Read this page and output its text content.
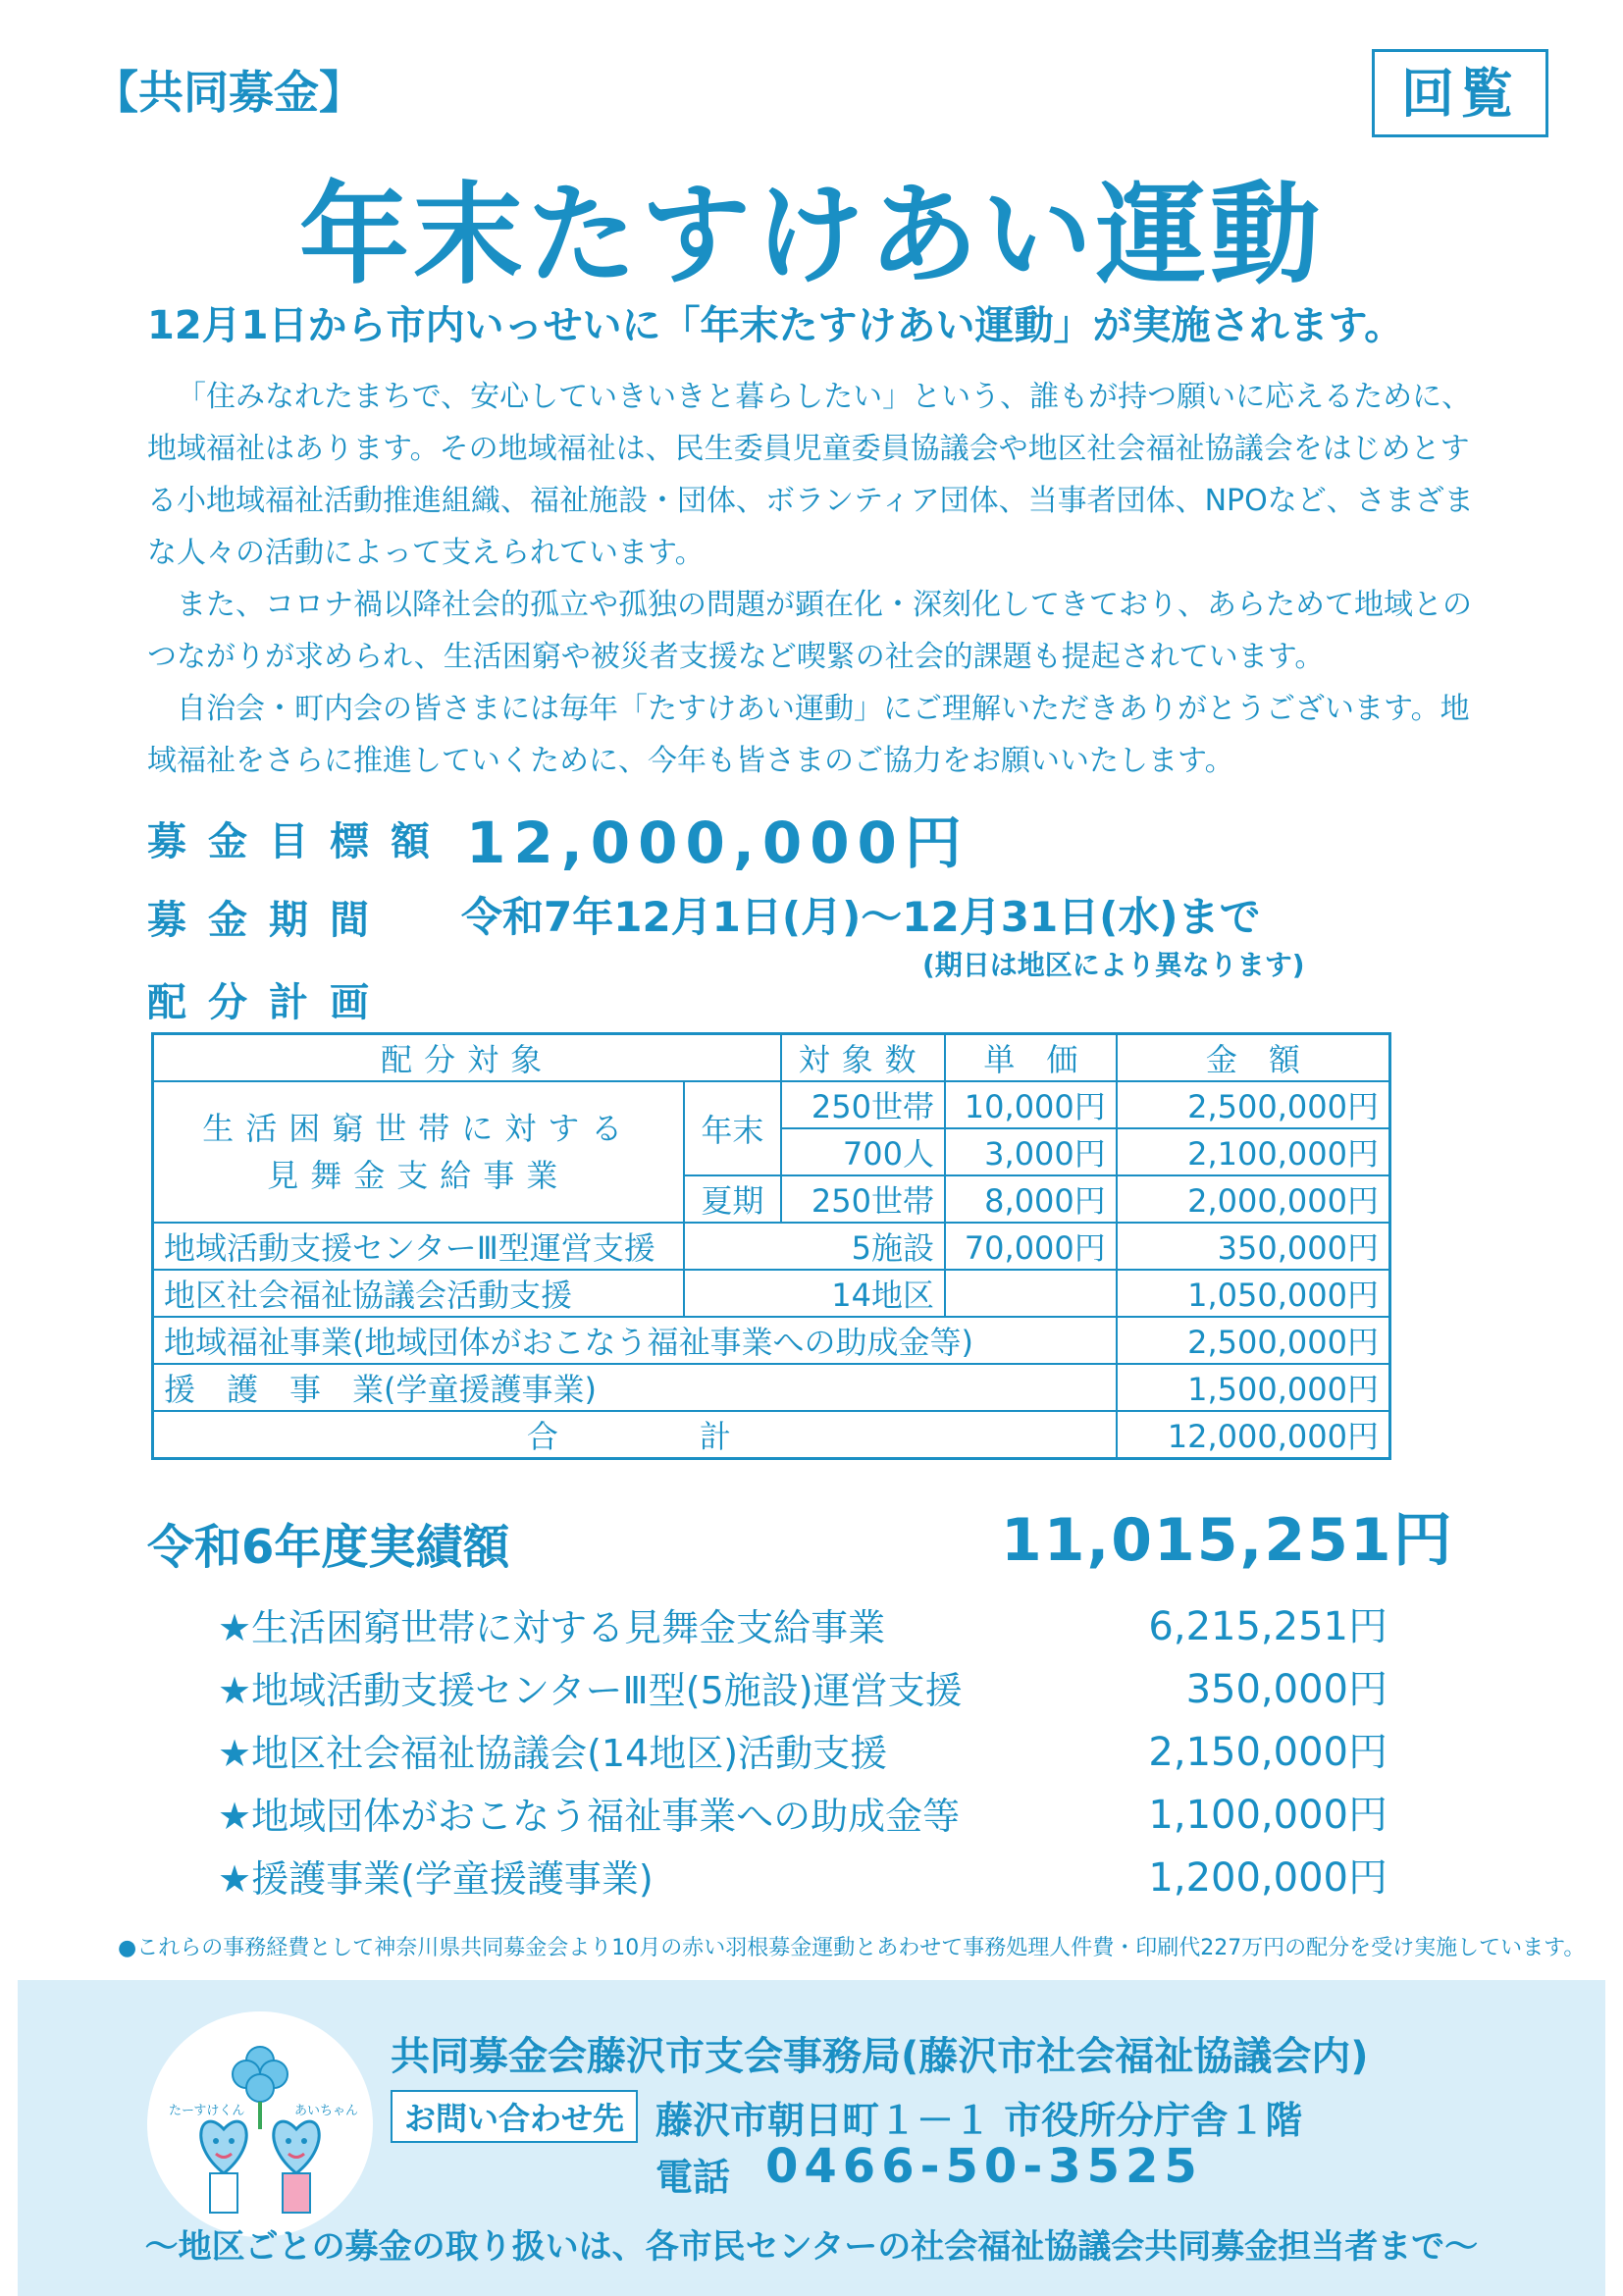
【共同募金】	回覧
年末たすけあい運動
12月1日から市内いっせいに「年末たすけあい運動」が実施されます。

「住みなれたまちで、安心していきいきと暮らしたい」という、誰もが持つ願いに応えるために、地域福祉はあります。その地域福祉は、民生委員児童委員協議会や地区社会福祉協議会をはじめとする小地域福祉活動推進組織、福祉施設・団体、ボランティア団体、当事者団体、NPOなど、さまざまな人々の活動によって支えられています。

また、コロナ禍以降社会的孤立や孤独の問題が顕在化・深刻化してきており、あらためて地域とのつながりが求められ、生活困窮や被災者支援など喫緊の社会的課題も提起されています。

自治会・町内会の皆さまには毎年「たすけあい運動」にご理解いただきありがとうございます。地域福祉をさらに推進していくために、今年も皆さまのご協力をお願いいたします。

募金目標額 12,000,000円
募金期間 令和7年12月1日(月)〜12月31日(水)まで
(期日は地区により異なります)
配分計画
配分対象		対象数	単　価	金　額

生活困窮世帯に対する
見舞金支給事業	年末	250世帯	10,000円	2,500,000円
		700人	3,000円	2,100,000円
	夏期	250世帯	8,000円	2,000,000円
地域活動支援センターⅢ型運営支援	5施設		70,000円	350,000円
地区社会福祉協議会活動支援	14地区			1,050,000円
地域福祉事業(地域団体がおこなう福祉事業への助成金等)				2,500,000円
援　護　事　業(学童援護事業)				1,500,000円
合　　　計				12,000,000円
令和6年度実績額	11,015,251円
★生活困窮世帯に対する見舞金支給事業	6,215,251円
★地域活動支援センターⅢ型(5施設)運営支援	350,000円
★地区社会福祉協議会(14地区)活動支援	2,150,000円
★地域団体がおこなう福祉事業への助成金等	1,100,000円
★援護事業(学童援護事業)	1,200,000円
●これらの事務経費として神奈川県共同募金会より10月の赤い羽根募金運動とあわせて事務処理人件費・印刷代227万円の配分を受け実施しています。
たーすけくん	あいちゃん
共同募金会藤沢市支会事務局(藤沢市社会福祉協議会内)
お問い合わせ先 藤沢市朝日町１－１ 市役所分庁舎１階
電話 0466-50-3525
〜地区ごとの募金の取り扱いは、各市民センターの社会福祉協議会共同募金担当者まで〜
